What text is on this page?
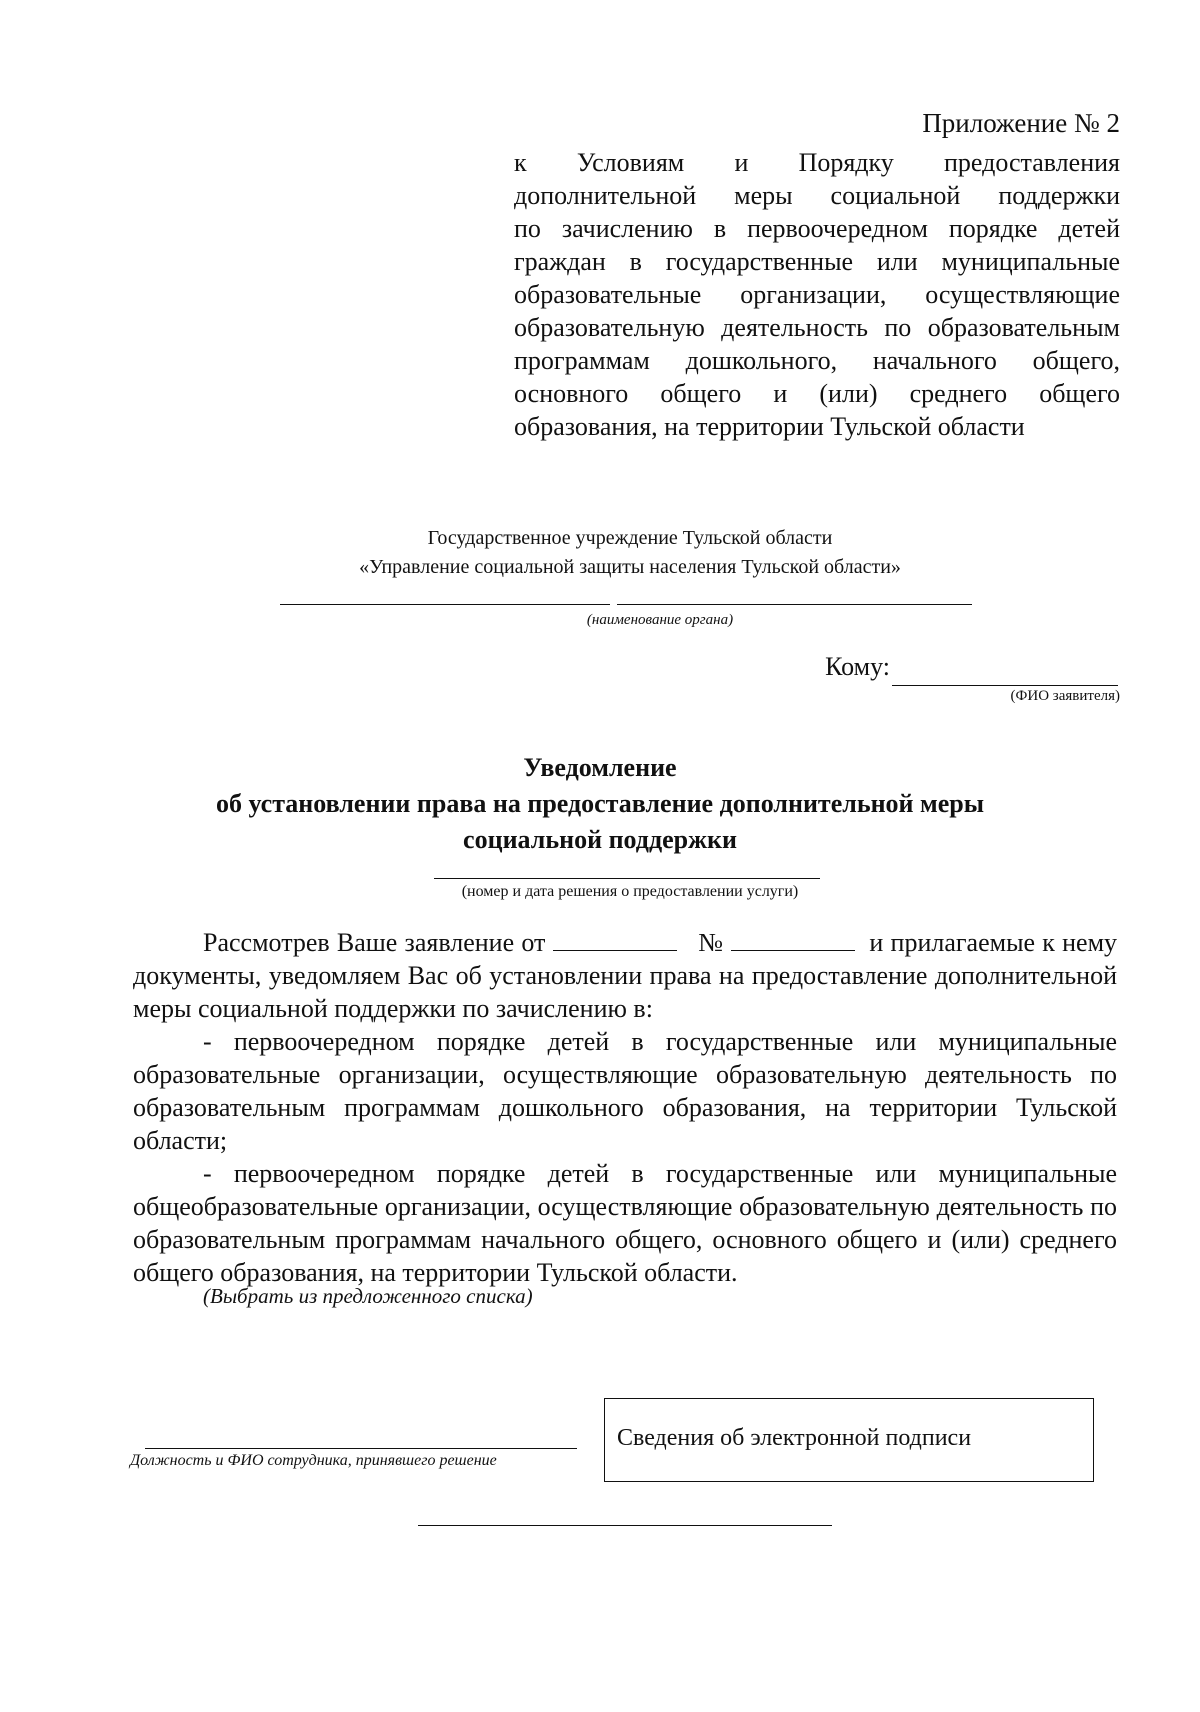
Приложение № 2
к Условиям и Порядку предоставления
дополнительной меры социальной поддержки
по зачислению в первоочередном порядке детей
граждан в государственные или муниципальные
образовательные организации, осуществляющие
образовательную деятельность по образовательным
программам дошкольного, начального общего,
основного общего и (или) среднего общего
образования, на территории Тульской области
Государственное учреждение Тульской области
«Управление социальной защиты населения Тульской области»
(наименование органа)
Кому:
(ФИО заявителя)
Уведомление
об установлении права на предоставление дополнительной меры
социальной поддержки
(номер и дата решения о предоставлении услуги)
Рассмотрев Ваше заявление от	№	и прилагаемые к нему документы, уведомляем Вас об установлении права на предоставление дополнительной меры социальной поддержки по зачислению в:
- первоочередном порядке детей в государственные или муниципальные образовательные организации, осуществляющие образовательную деятельность по образовательным программам дошкольного образования, на территории Тульской области;
- первоочередном порядке детей в государственные или муниципальные общеобразовательные организации, осуществляющие образовательную деятельность по образовательным программам начального общего, основного общего и (или) среднего общего образования, на территории Тульской области.
(Выбрать из предложенного списка)
Должность и ФИО сотрудника, принявшего решение
Сведения об электронной подписи
